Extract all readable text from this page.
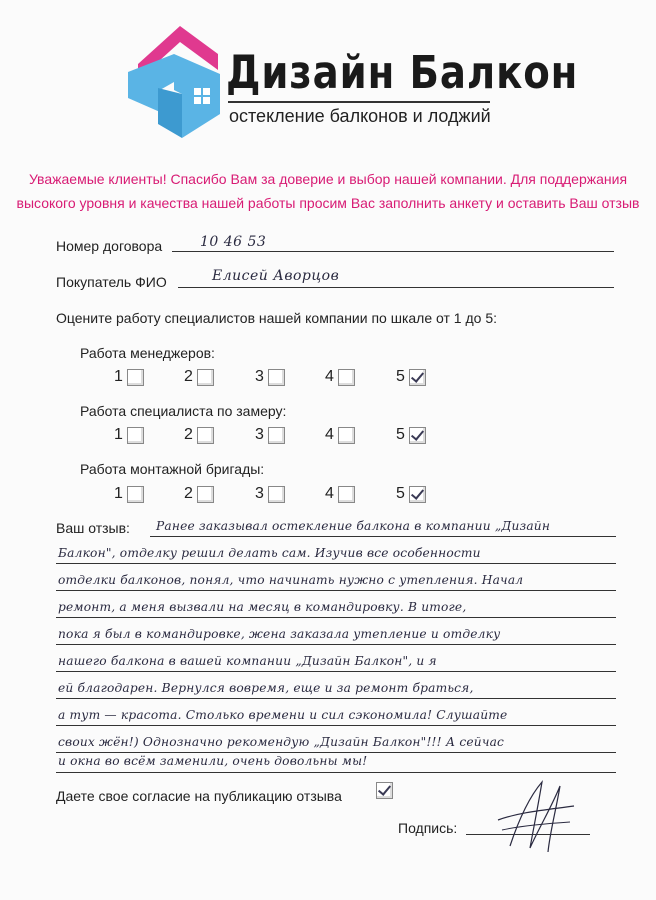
Дизайн Балкон
остекление балконов и лоджий
Уважаемые клиенты! Спасибо Вам за доверие и выбор нашей компании. Для поддержания
высокого уровня и качества нашей работы просим Вас заполнить анкету и оставить Ваш отзыв
Номер договора	10 46 53
Покупатель ФИО	Елисей Аворцов
Оцените работу специалистов нашей компании по шкале от 1 до 5:
Работа менеджеров:
1	2	3	4	5
Работа специалиста по замеру:
1	2	3	4	5
Работа монтажной бригады:
1	2	3	4	5
Ваш отзыв: Ранее заказывал остекление балкона в компании „Дизайн
Балкон", отделку решил делать сам. Изучив все особенности
отделки балконов, понял, что начинать нужно с утепления. Начал
ремонт, а меня вызвали на месяц в командировку. В итоге,
пока я был в командировке, жена заказала утепление и отделку
нашего балкона в вашей компании „Дизайн Балкон", и я
ей благодарен. Вернулся вовремя, еще и за ремонт браться,
а тут — красота. Столько времени и сил сэкономила! Слушайте
своих жён!) Однозначно рекомендую „Дизайн Балкон"!!! А сейчас
и окна во всём заменили, очень довольны мы!
Даете свое согласие на публикацию отзыва
Подпись:
